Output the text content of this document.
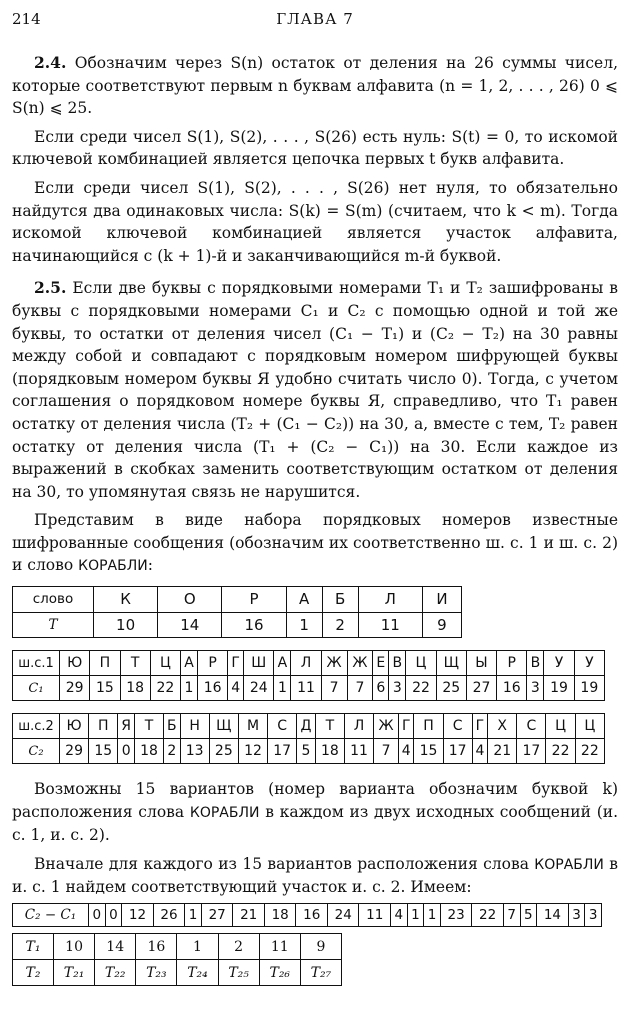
214	ГЛАВА 7

2.4. Обозначим через S(n) остаток от деления на 26 суммы чисел, которые соответствуют первым n буквам алфавита (n = 1, 2, . . . , 26) 0 ⩽ S(n) ⩽ 25.

Если среди чисел S(1), S(2), . . . , S(26) есть нуль: S(t) = 0, то искомой ключевой комбинацией является цепочка первых t букв алфавита.

Если среди чисел S(1), S(2), . . . , S(26) нет нуля, то обязательно найдутся два одинаковых числа: S(k) = S(m) (считаем, что k < m). Тогда искомой ключевой комбинацией является участок алфавита, начинающийся с (k + 1)-й и заканчивающийся m-й буквой.

2.5. Если две буквы с порядковыми номерами T₁ и T₂ зашифрованы в буквы с порядковыми номерами C₁ и C₂ с помощью одной и той же буквы, то остатки от деления чисел (C₁ − T₁) и (C₂ − T₂) на 30 равны между собой и совпадают с порядковым номером шифрующей буквы (порядковым номером буквы Я удобно считать число 0). Тогда, с учетом соглашения о порядковом номере буквы Я, справедливо, что T₁ равен остатку от деления числа (T₂ + (C₁ − C₂)) на 30, а, вместе с тем, T₂ равен остатку от деления числа (T₁ + (C₂ − C₁)) на 30. Если каждое из выражений в скобках заменить соответствующим остатком от деления на 30, то упомянутая связь не нарушится.

Представим в виде набора порядковых номеров известные шифрованные сообщения (обозначим их соответственно ш. с. 1 и ш. с. 2) и слово КОРАБЛИ:

слово	К	О	Р	А	Б	Л	И
T	10	14	16	1	2	11	9
ш.с.1	Ю	П	Т	Ц	А	Р	Г	Ш	А	Л	Ж	Ж	Е	В	Ц	Щ	Ы	Р	В	У	У
C₁	29	15	18	22	1	16	4	24	1	11	7	7	6	3	22	25	27	16	3	19	19
ш.с.2	Ю	П	Я	Т	Б	Н	Щ	М	С	Д	Т	Л	Ж	Г	П	С	Г	Х	С	Ц	Ц
C₂	29	15	0	18	2	13	25	12	17	5	18	11	7	4	15	17	4	21	17	22	22

Возможны 15 вариантов (номер варианта обозначим буквой k) расположения слова КОРАБЛИ в каждом из двух исходных сообщений (и. с. 1, и. с. 2).

Вначале для каждого из 15 вариантов расположения слова КОРАБЛИ в и. с. 1 найдем соответствующий участок и. с. 2. Имеем:

C₂ − C₁	0	0	12	26	1	27	21	18	16	24	11	4	1	1	23	22	7	5	14	3	3
T₁	10	14	16	1	2	11	9
T₂	T₂₁	T₂₂	T₂₃	T₂₄	T₂₅	T₂₆	T₂₇
